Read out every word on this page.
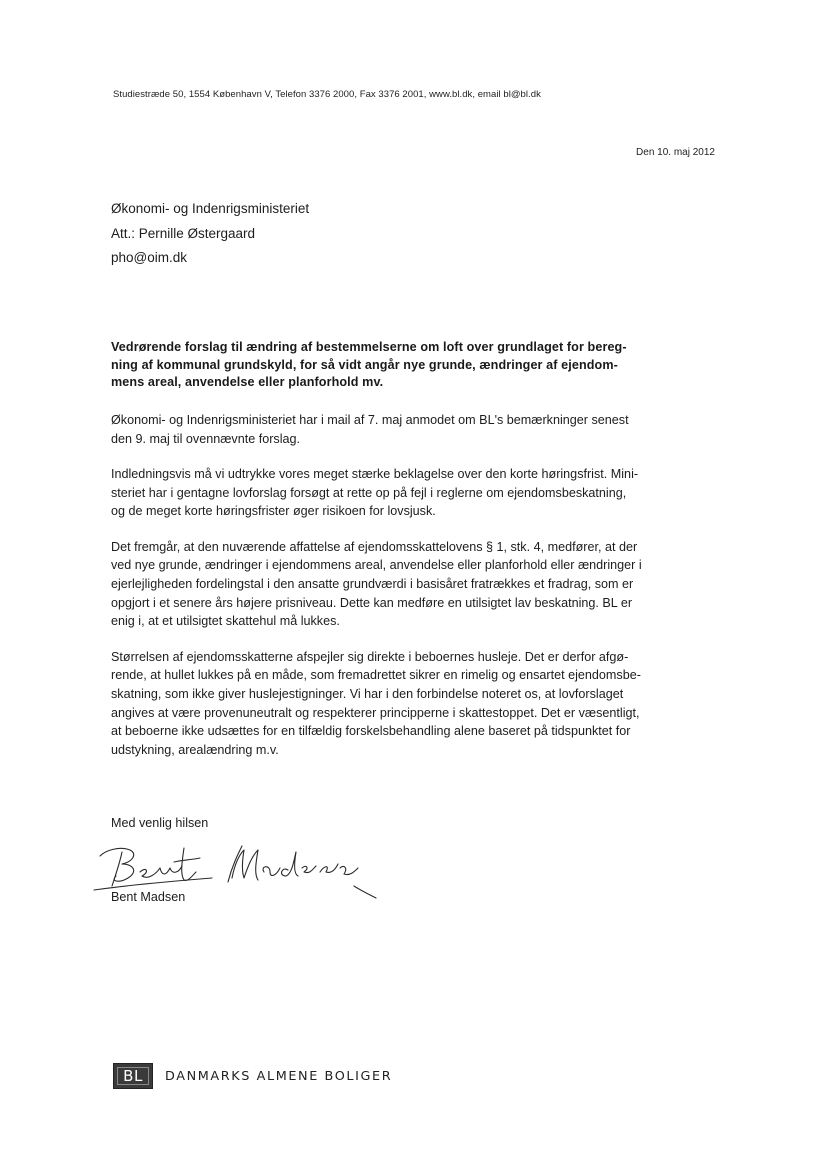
Studiestræde 50, 1554 København V, Telefon 3376 2000, Fax 3376 2001, www.bl.dk, email bl@bl.dk
Den 10. maj 2012
Økonomi- og Indenrigsministeriet
Att.: Pernille Østergaard
pho@oim.dk
Vedrørende forslag til ændring af bestemmelserne om loft over grundlaget for bereg-
ning af kommunal grundskyld, for så vidt angår nye grunde, ændringer af ejendom-
mens areal, anvendelse eller planforhold mv.

Økonomi- og Indenrigsministeriet har i mail af 7. maj anmodet om BL's bemærkninger senest
den 9. maj til ovennævnte forslag.

Indledningsvis må vi udtrykke vores meget stærke beklagelse over den korte høringsfrist. Mini-
steriet har i gentagne lovforslag forsøgt at rette op på fejl i reglerne om ejendomsbeskatning,
og de meget korte høringsfrister øger risikoen for lovsjusk.

Det fremgår, at den nuværende affattelse af ejendomsskattelovens § 1, stk. 4, medfører, at der
ved nye grunde, ændringer i ejendommens areal, anvendelse eller planforhold eller ændringer i
ejerlejligheden fordelingstal i den ansatte grundværdi i basisåret fratrækkes et fradrag, som er
opgjort i et senere års højere prisniveau. Dette kan medføre en utilsigtet lav beskatning. BL er
enig i, at et utilsigtet skattehul må lukkes.

Størrelsen af ejendomsskatterne afspejler sig direkte i beboernes husleje. Det er derfor afgø-
rende, at hullet lukkes på en måde, som fremadrettet sikrer en rimelig og ensartet ejendomsbe-
skatning, som ikke giver huslejestigninger. Vi har i den forbindelse noteret os, at lovforslaget
angives at være provenuneutralt og respekterer principperne i skattestoppet. Det er væsentligt,
at beboerne ikke udsættes for en tilfældig forskelsbehandling alene baseret på tidspunktet for
udstykning, arealændring m.v.

Med venlig hilsen
Bent Madsen
BL DANMARKS ALMENE BOLIGER
